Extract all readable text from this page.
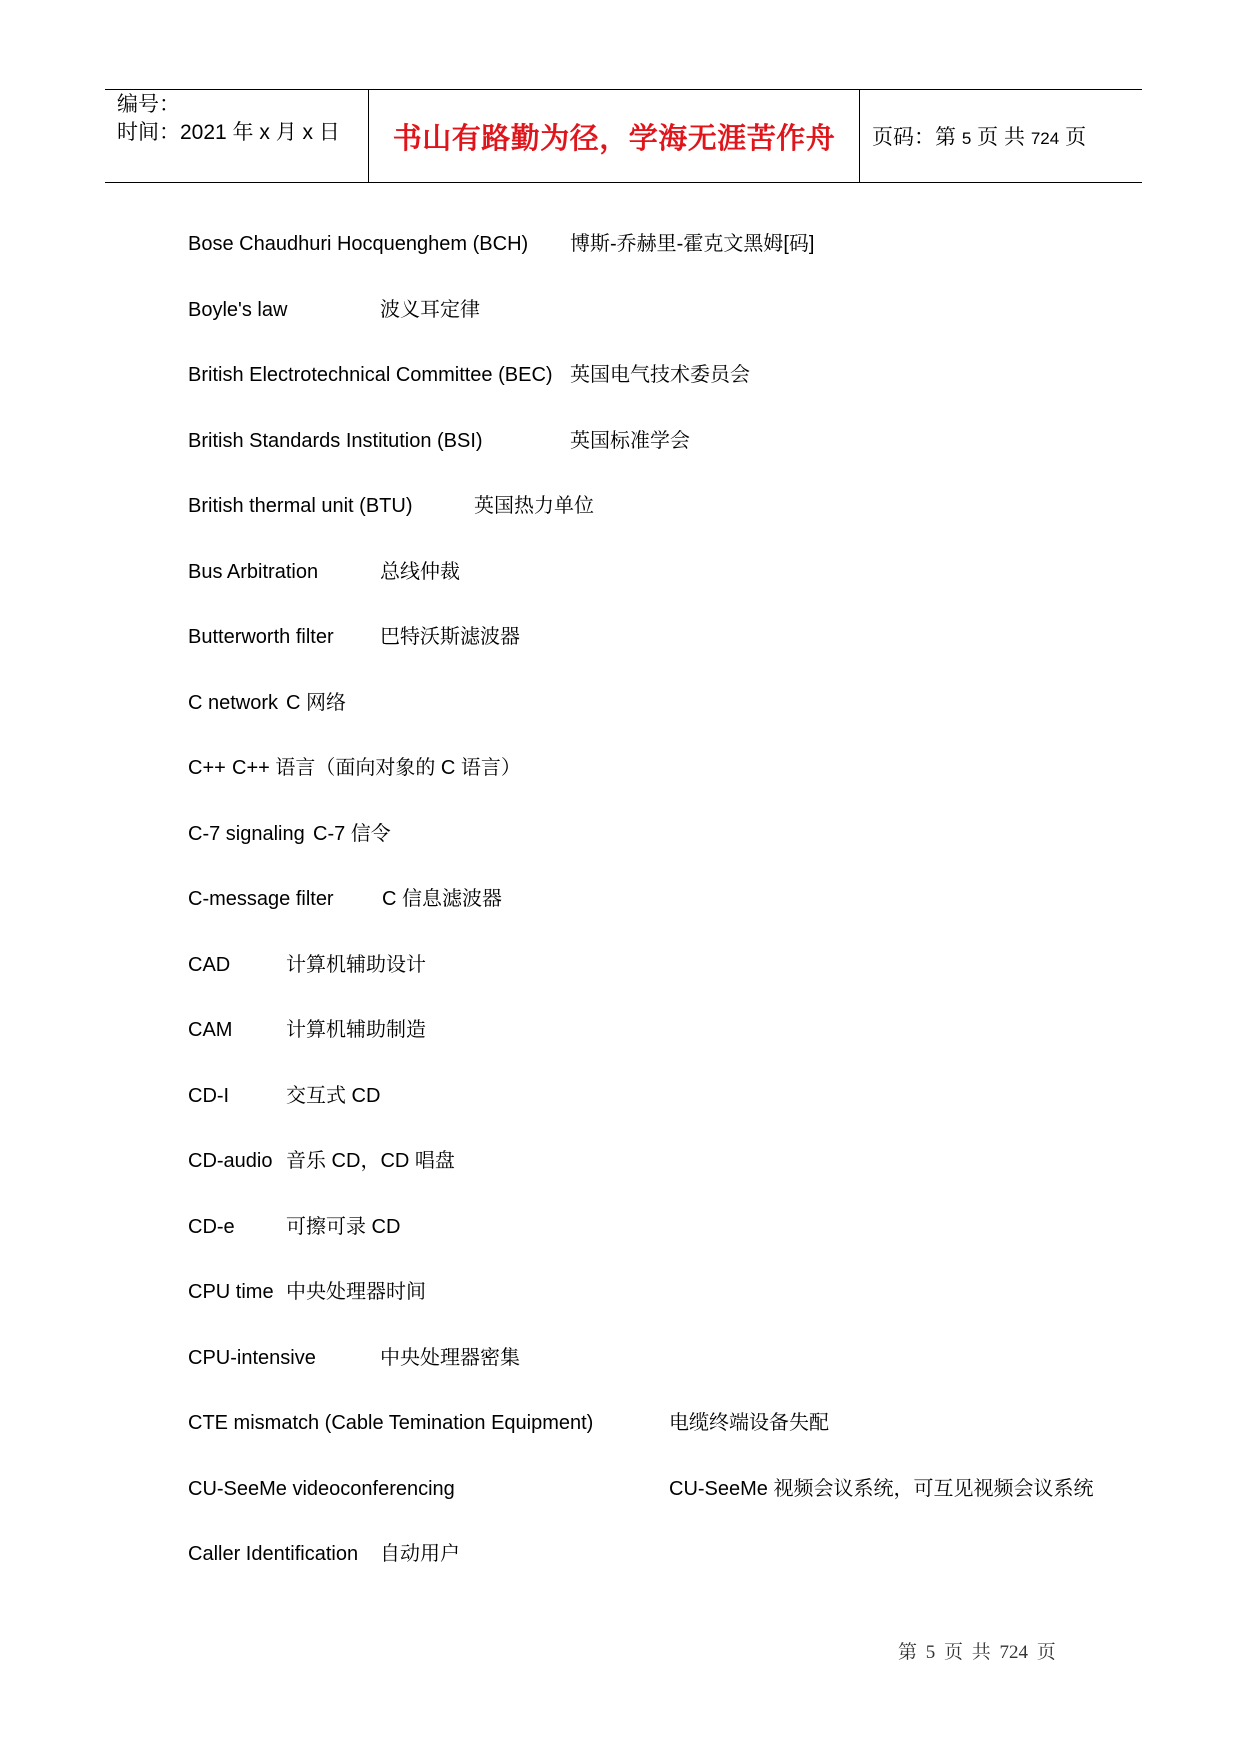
编号：
时间：2021 年 x 月 x 日 书山有路勤为径，学海无涯苦作舟 页码：第 5 页 共 724 页
Bose Chaudhuri Hocquenghem (BCH) 博斯-乔赫里-霍克文黑姆[码]
Boyle's law	波义耳定律
British Electrotechnical Committee (BEC) 英国电气技术委员会
British Standards Institution (BSI)	英国标准学会
British thermal unit (BTU)	英国热力单位
Bus Arbitration	总线仲裁
Butterworth filter 巴特沃斯滤波器
C network C 网络
C++ C++ 语言（面向对象的 C 语言）
C-7 signaling C-7 信令
C-message filter C 信息滤波器
CAD	计算机辅助设计
CAM	计算机辅助制造
CD-I	交互式 CD
CD-audio 音乐 CD，CD 唱盘
CD-e	可擦可录 CD
CPU time 中央处理器时间
CPU-intensive	中央处理器密集
CTE mismatch (Cable Temination Equipment)	电缆终端设备失配
CU-SeeMe videoconferencing	CU-SeeMe 视频会议系统，可互见视频会议系统
Caller Identification 自动用户
第 5 页 共 724 页
